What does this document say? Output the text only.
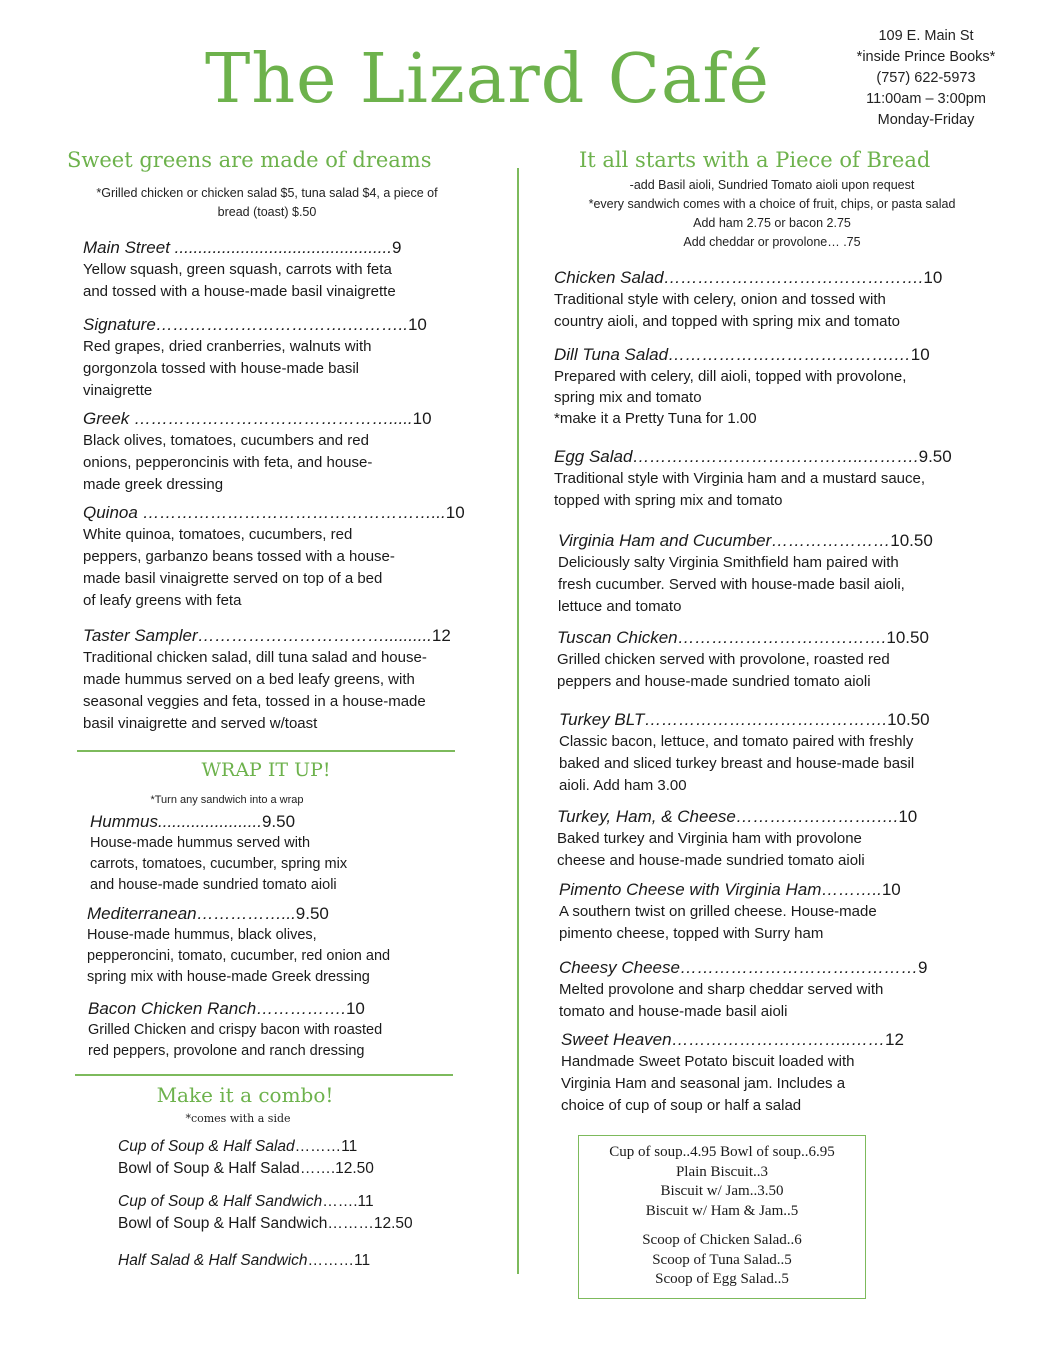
The Lizard Café
109 E. Main St
*inside Prince Books*
(757) 622-5973
11:00am – 3:00pm
Monday-Friday
Sweet greens are made of dreams
*Grilled chicken or chicken salad $5, tuna salad $4, a piece of
bread (toast) $.50
Main Street ..............................................9
Yellow squash, green squash, carrots with feta
and tossed with a house-made basil vinaigrette
Signature…………………………….………..10
Red grapes, dried cranberries, walnuts with
gorgonzola tossed with house-made basil
vinaigrette
Greek ……………………………………….....10
Black olives, tomatoes, cucumbers and red
onions, pepperoncinis with feta, and house-
made greek dressing
Quinoa ……………………………………………...10
White quinoa, tomatoes, cucumbers, red
peppers, garbanzo beans tossed with a house-
made basil vinaigrette served on top of a bed
of leafy greens with feta
Taster Sampler……………………………..........12
Traditional chicken salad, dill tuna salad and house-
made hummus served on a bed leafy greens, with
seasonal veggies and feta, tossed in a house-made
basil vinaigrette and served w/toast
WRAP IT UP!
*Turn any sandwich into a wrap
Hummus......................9.50
House-made hummus served with
carrots, tomatoes, cucumber, spring mix
and house-made sundried tomato aioli
Mediterranean……………...9.50
House-made hummus, black olives,
pepperoncini, tomato, cucumber, red onion and
spring mix with house-made Greek dressing
Bacon Chicken Ranch…………….10
Grilled Chicken and crispy bacon with roasted
red peppers, provolone and ranch dressing
Make it a combo!
*comes with a side
Cup of Soup & Half Salad………11
Bowl of Soup & Half Salad…….12.50
Cup of Soup & Half Sandwich…….11
Bowl of Soup & Half Sandwich………12.50
Half Salad & Half Sandwich………11
It all starts with a Piece of Bread
-add Basil aioli, Sundried Tomato aioli upon request
*every sandwich comes with a choice of fruit, chips, or pasta salad
Add ham 2.75 or bacon 2.75
Add cheddar or provolone… .75
Chicken Salad……………………………………….10
Traditional style with celery, onion and tossed with
country aioli, and topped with spring mix and tomato
Dill Tuna Salad………………………………….…10
Prepared with celery, dill aioli, topped with provolone,
spring mix and tomato
*make it a Pretty Tuna for 1.00
Egg Salad…………………………………..……….9.50
Traditional style with Virginia ham and a mustard sauce,
topped with spring mix and tomato
Virginia Ham and Cucumber…………………10.50
Deliciously salty Virginia Smithfield ham paired with
fresh cucumber. Served with house-made basil aioli,
lettuce and tomato
Tuscan Chicken……………………………….10.50
Grilled chicken served with provolone, roasted red
peppers and house-made sundried tomato aioli
Turkey BLT…………………………………….10.50
Classic bacon, lettuce, and tomato paired with freshly
baked and sliced turkey breast and house-made basil
aioli. Add ham 3.00
Turkey, Ham, & Cheese…………………….….10
Baked turkey and Virginia ham with provolone
cheese and house-made sundried tomato aioli
Pimento Cheese with Virginia Ham………..10
A southern twist on grilled cheese. House-made
pimento cheese, topped with Surry ham
Cheesy Cheese……………………………………9
Melted provolone and sharp cheddar served with
tomato and house-made basil aioli
Sweet Heaven…………………………..……12
Handmade Sweet Potato biscuit loaded with
Virginia Ham and seasonal jam. Includes a
choice of cup of soup or half a salad
Cup of soup..4.95 Bowl of soup..6.95
Plain Biscuit..3
Biscuit w/ Jam..3.50
Biscuit w/ Ham & Jam..5
Scoop of Chicken Salad..6
Scoop of Tuna Salad..5
Scoop of Egg Salad..5
